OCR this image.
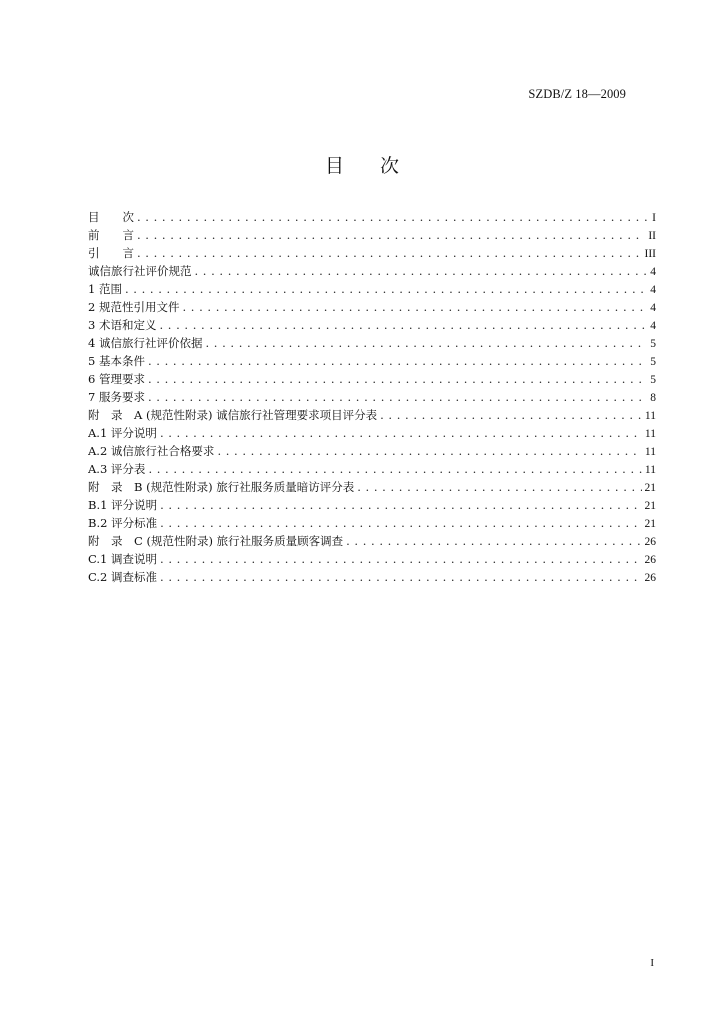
SZDB/Z 18—2009
目 次
目　　次 . . .	I
前　　言 . . .	II
引　　言 . . .	III
诚信旅行社评价规范 . . .	4
1 范围 . . .	4
2 规范性引用文件 . . .	4
3 术语和定义 . . .	4
4 诚信旅行社评价依据 . . .	5
5 基本条件 . . .	5
6 管理要求 . . .	5
7 服务要求 . . .	8
附　录　A (规范性附录) 诚信旅行社管理要求项目评分表 . . .	11
A.1 评分说明 . . .	11
A.2 诚信旅行社合格要求 . . .	11
A.3 评分表 . . .	11
附　录　B (规范性附录) 旅行社服务质量暗访评分表 . . .	21
B.1 评分说明 . . .	21
B.2 评分标准 . . .	21
附　录　C (规范性附录) 旅行社服务质量顾客调查 . . .	26
C.1 调查说明 . . .	26
C.2 调查标准 . . .	26
I
